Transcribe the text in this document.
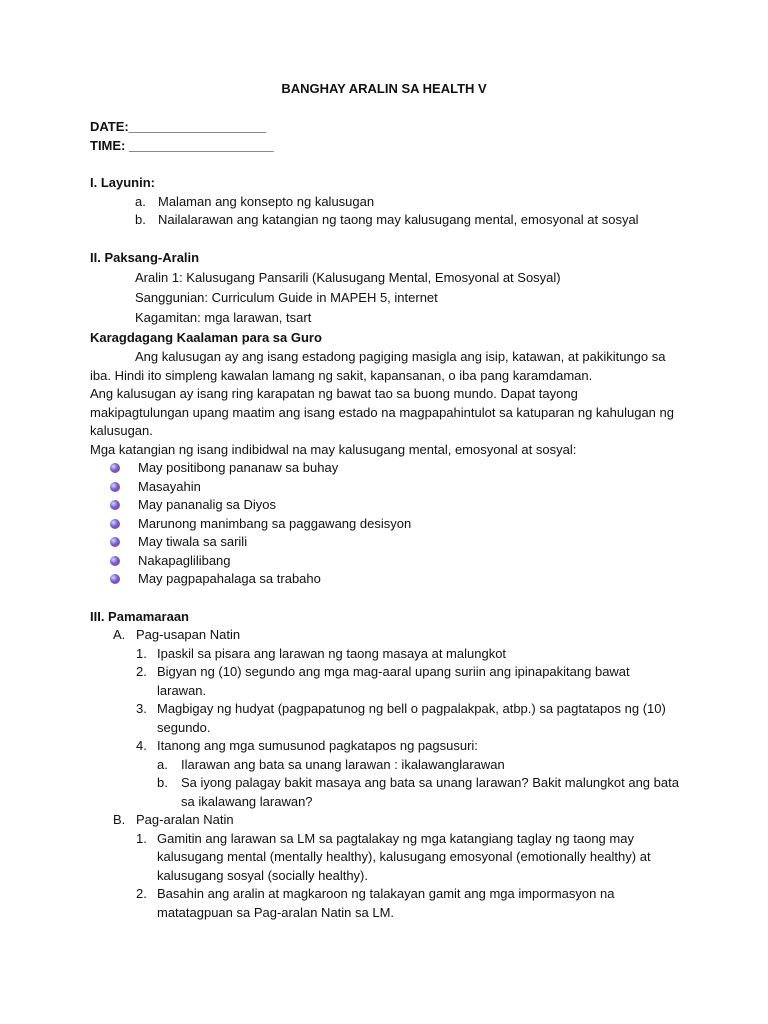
BANGHAY ARALIN SA HEALTH V

DATE:___________________

TIME: ____________________

I. Layunin:

a. Malaman ang konsepto ng kalusugan
b. Nailalarawan ang katangian ng taong may kalusugang mental, emosyonal at sosyal

II. Paksang-Aralin

Aralin 1: Kalusugang Pansarili (Kalusugang Mental, Emosyonal at Sosyal)

Sanggunian: Curriculum Guide in MAPEH 5, internet

Kagamitan: mga larawan, tsart

Karagdagang Kaalaman para sa Guro

Ang kalusugan ay ang isang estadong pagiging masigla ang isip, katawan, at pakikitungo sa iba. Hindi ito simpleng kawalan lamang ng sakit, kapansanan, o iba pang karamdaman.

Ang kalusugan ay isang ring karapatan ng bawat tao sa buong mundo. Dapat tayong makipagtulungan upang maatim ang isang estado na magpapahintulot sa katuparan ng kahulugan ng kalusugan.

Mga katangian ng isang indibidwal na may kalusugang mental, emosyonal at sosyal:

May positibong pananaw sa buhay
Masayahin
May pananalig sa Diyos
Marunong manimbang sa paggawang desisyon
May tiwala sa sarili
Nakapaglilibang
May pagpapahalaga sa trabaho

III. Pamamaraan

A. Pag-usapan Natin
1. Ipaskil sa pisara ang larawan ng taong masaya at malungkot
2. Bigyan ng (10) segundo ang mga mag-aaral upang suriin ang ipinapakitang bawat larawan.
3. Magbigay ng hudyat (pagpapatunog ng bell o pagpalakpak, atbp.) sa pagtatapos ng (10) segundo.
4. Itanong ang mga sumusunod pagkatapos ng pagsusuri:
a.	Ilarawan ang bata sa unang larawan : ikalawanglarawan
b.	Sa iyong palagay bakit masaya ang bata sa unang larawan? Bakit malungkot ang bata sa ikalawang larawan?
B. Pag-aralan Natin
1. Gamitin ang larawan sa LM sa pagtalakay ng mga katangiang taglay ng taong may kalusugang mental (mentally healthy), kalusugang emosyonal (emotionally healthy) at kalusugang sosyal (socially healthy).
2. Basahin ang aralin at magkaroon ng talakayan gamit ang mga impormasyon na matatagpuan sa Pag-aralan Natin sa LM.
